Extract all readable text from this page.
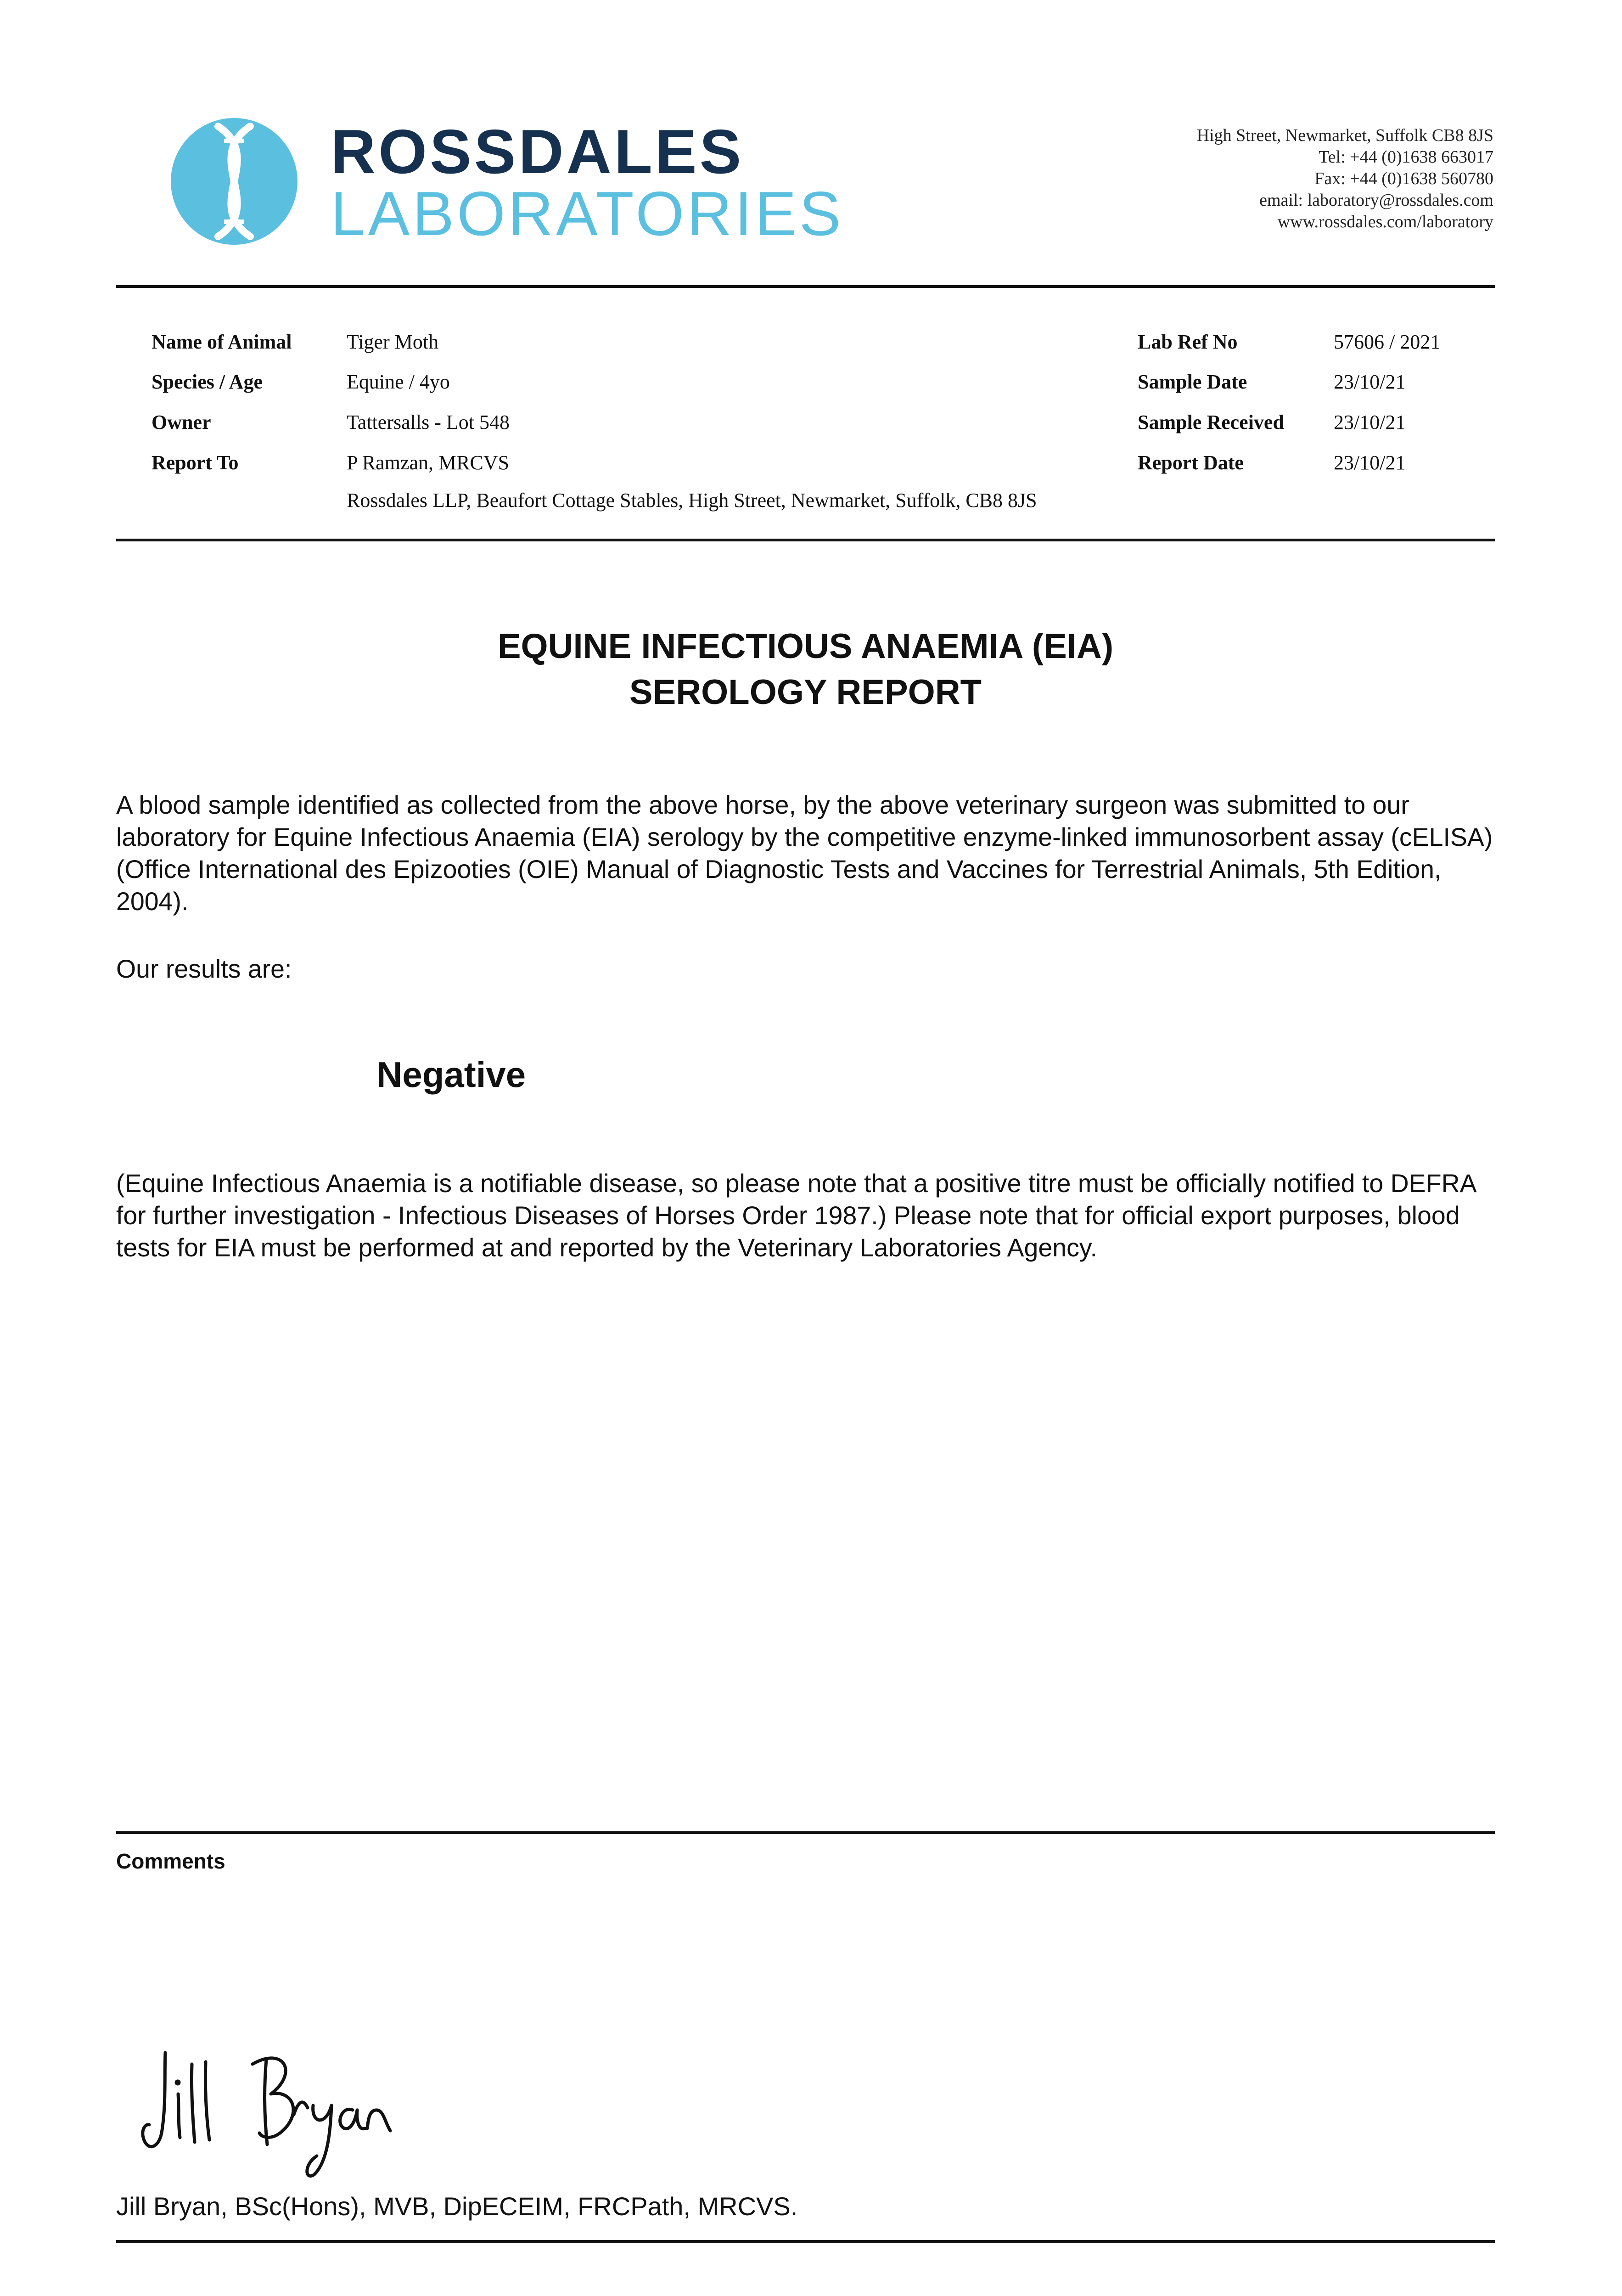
ROSSDALES
LABORATORIES
High Street, Newmarket, Suffolk CB8 8JS
Tel: +44 (0)1638 663017
Fax: +44 (0)1638 560780
email: laboratory@rossdales.com
www.rossdales.com/laboratory
Name of Animal
Species / Age
Owner
Report To
Tiger Moth
Equine / 4yo
Tattersalls - Lot 548
P Ramzan, MRCVS
Rossdales LLP, Beaufort Cottage Stables, High Street, Newmarket, Suffolk, CB8 8JS
Lab Ref No
Sample Date
Sample Received
Report Date
57606 / 2021
23/10/21
23/10/21
23/10/21
EQUINE INFECTIOUS ANAEMIA (EIA)
SEROLOGY REPORT
A blood sample identified as collected from the above horse, by the above veterinary surgeon was submitted to our laboratory for Equine Infectious Anaemia (EIA) serology by the competitive enzyme-linked immunosorbent assay (cELISA) (Office International des Epizooties (OIE) Manual of Diagnostic Tests and Vaccines for Terrestrial Animals, 5th Edition, 2004).
Our results are:
Negative
(Equine Infectious Anaemia is a notifiable disease, so please note that a positive titre must be officially notified to DEFRA for further investigation - Infectious Diseases of Horses Order 1987.) Please note that for official export purposes, blood tests for EIA must be performed at and reported by the Veterinary Laboratories Agency.
Comments
Jill Bryan, BSc(Hons), MVB, DipECEIM, FRCPath, MRCVS.
